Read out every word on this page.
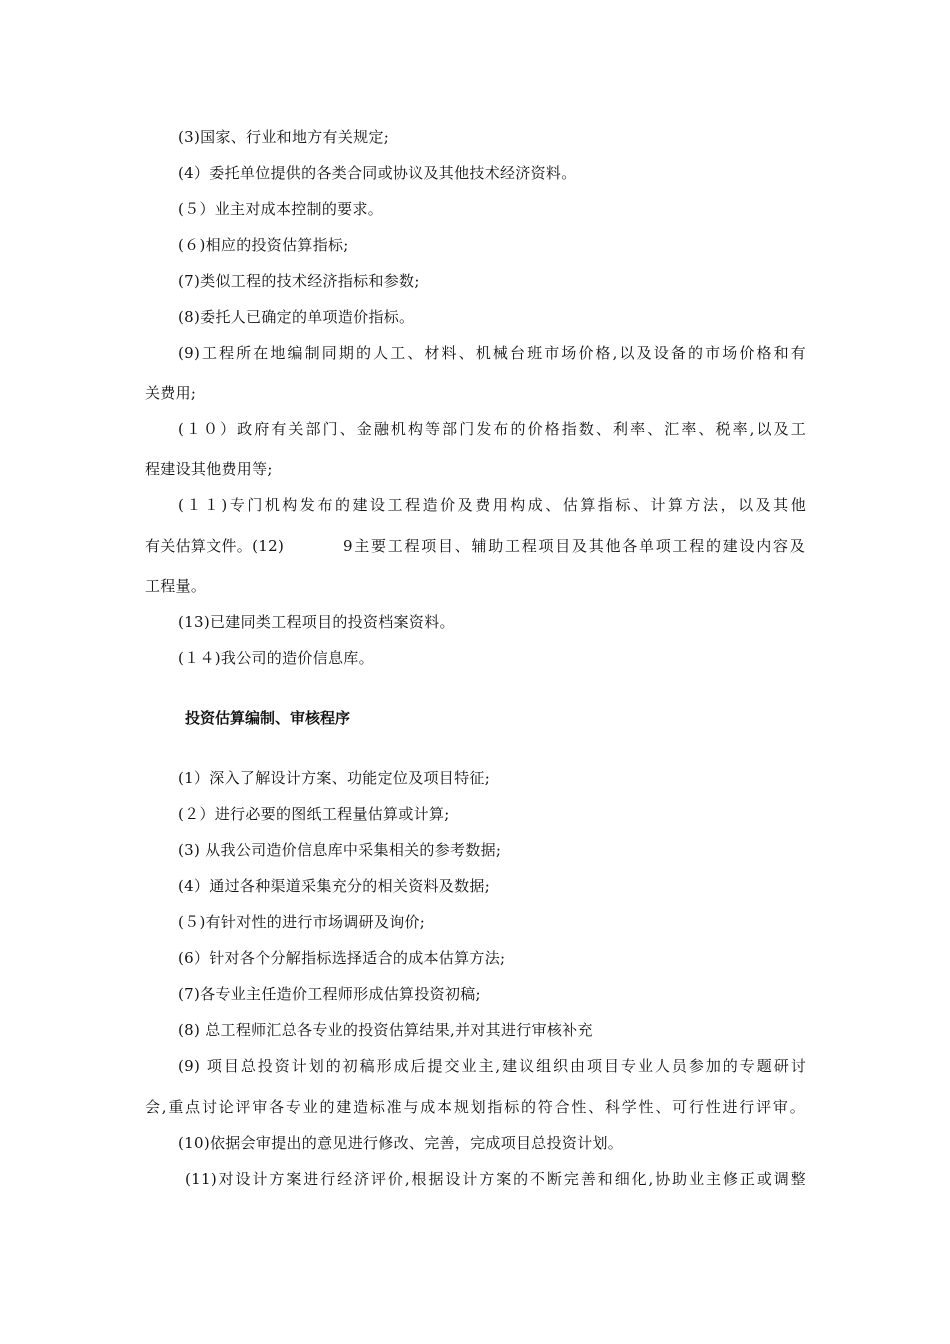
(3)国家、行业和地方有关规定;
(4）委托单位提供的各类合同或协议及其他技术经济资料。
(５）业主对成本控制的要求。
(６)相应的投资估算指标;
(7)类似工程的技术经济指标和参数;
(8)委托人已确定的单项造价指标。
(9)工程所在地编制同期的人工、材料、机械台班市场价格,以及设备的市场价格和有
关费用;
(１０）政府有关部门、金融机构等部门发布的价格指数、利率、汇率、税率,以及工
程建设其他费用等;
(１１)专门机构发布的建设工程造价及费用构成、估算指标、计算方法，以及其他
有关估算文件。(12)	9主要工程项目、辅助工程项目及其他各单项工程的建设内容及
工程量。
(13)已建同类工程项目的投资档案资料。
(１４)我公司的造价信息库。
投资估算编制、审核程序
(1）深入了解设计方案、功能定位及项目特征;
(２）进行必要的图纸工程量估算或计算;
(3) 从我公司造价信息库中采集相关的参考数据;
(4）通过各种渠道采集充分的相关资料及数据;
(５)有针对性的进行市场调研及询价;
(6）针对各个分解指标选择适合的成本估算方法;
(7)各专业主任造价工程师形成估算投资初稿;
(8) 总工程师汇总各专业的投资估算结果,并对其进行审核补充
(9) 项目总投资计划的初稿形成后提交业主,建议组织由项目专业人员参加的专题研讨
会,重点讨论评审各专业的建造标准与成本规划指标的符合性、科学性、可行性进行评审。
(10)依据会审提出的意见进行修改、完善，完成项目总投资计划。
(11)对设计方案进行经济评价,根据设计方案的不断完善和细化,协助业主修正或调整
